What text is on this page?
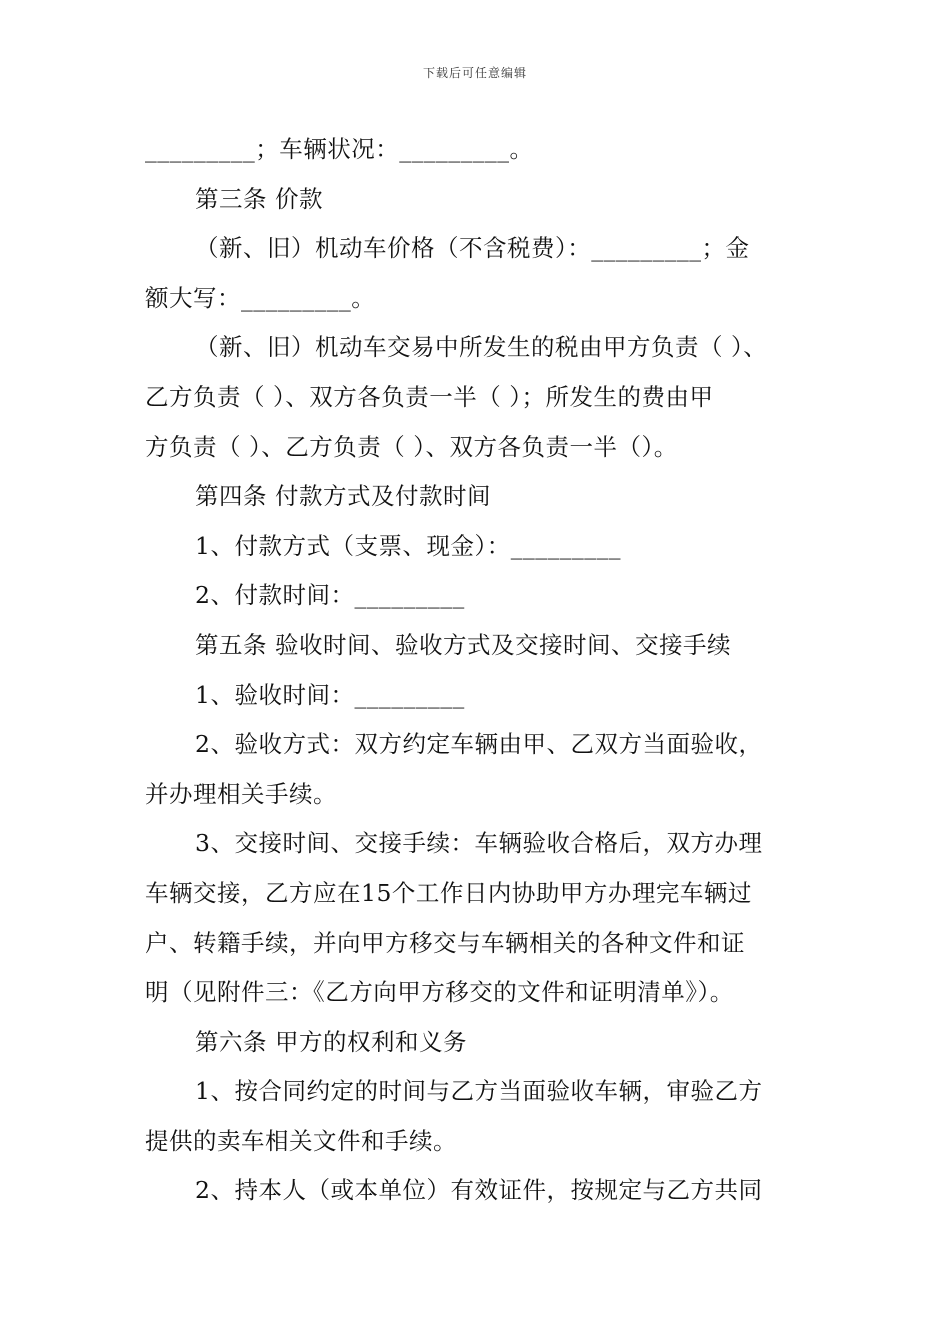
下载后可任意编辑
_________；车辆状况：_________。
第三条 价款
（新、旧）机动车价格（不含税费）：_________；金
额大写：_________。
（新、旧）机动车交易中所发生的税由甲方负责（ ）、
乙方负责（ ）、双方各负责一半（ ）；所发生的费由甲
方负责（ ）、乙方负责（ ）、双方各负责一半（）。
第四条 付款方式及付款时间
1、付款方式（支票、现金）：_________
2、付款时间：_________
第五条 验收时间、验收方式及交接时间、交接手续
1、验收时间：_________
2、验收方式：双方约定车辆由甲、乙双方当面验收，
并办理相关手续。
3、交接时间、交接手续：车辆验收合格后，双方办理
车辆交接，乙方应在15个工作日内协助甲方办理完车辆过
户、转籍手续，并向甲方移交与车辆相关的各种文件和证
明（见附件三：《乙方向甲方移交的文件和证明清单》）。
第六条 甲方的权利和义务
1、按合同约定的时间与乙方当面验收车辆，审验乙方
提供的卖车相关文件和手续。
2、持本人（或本单位）有效证件，按规定与乙方共同
